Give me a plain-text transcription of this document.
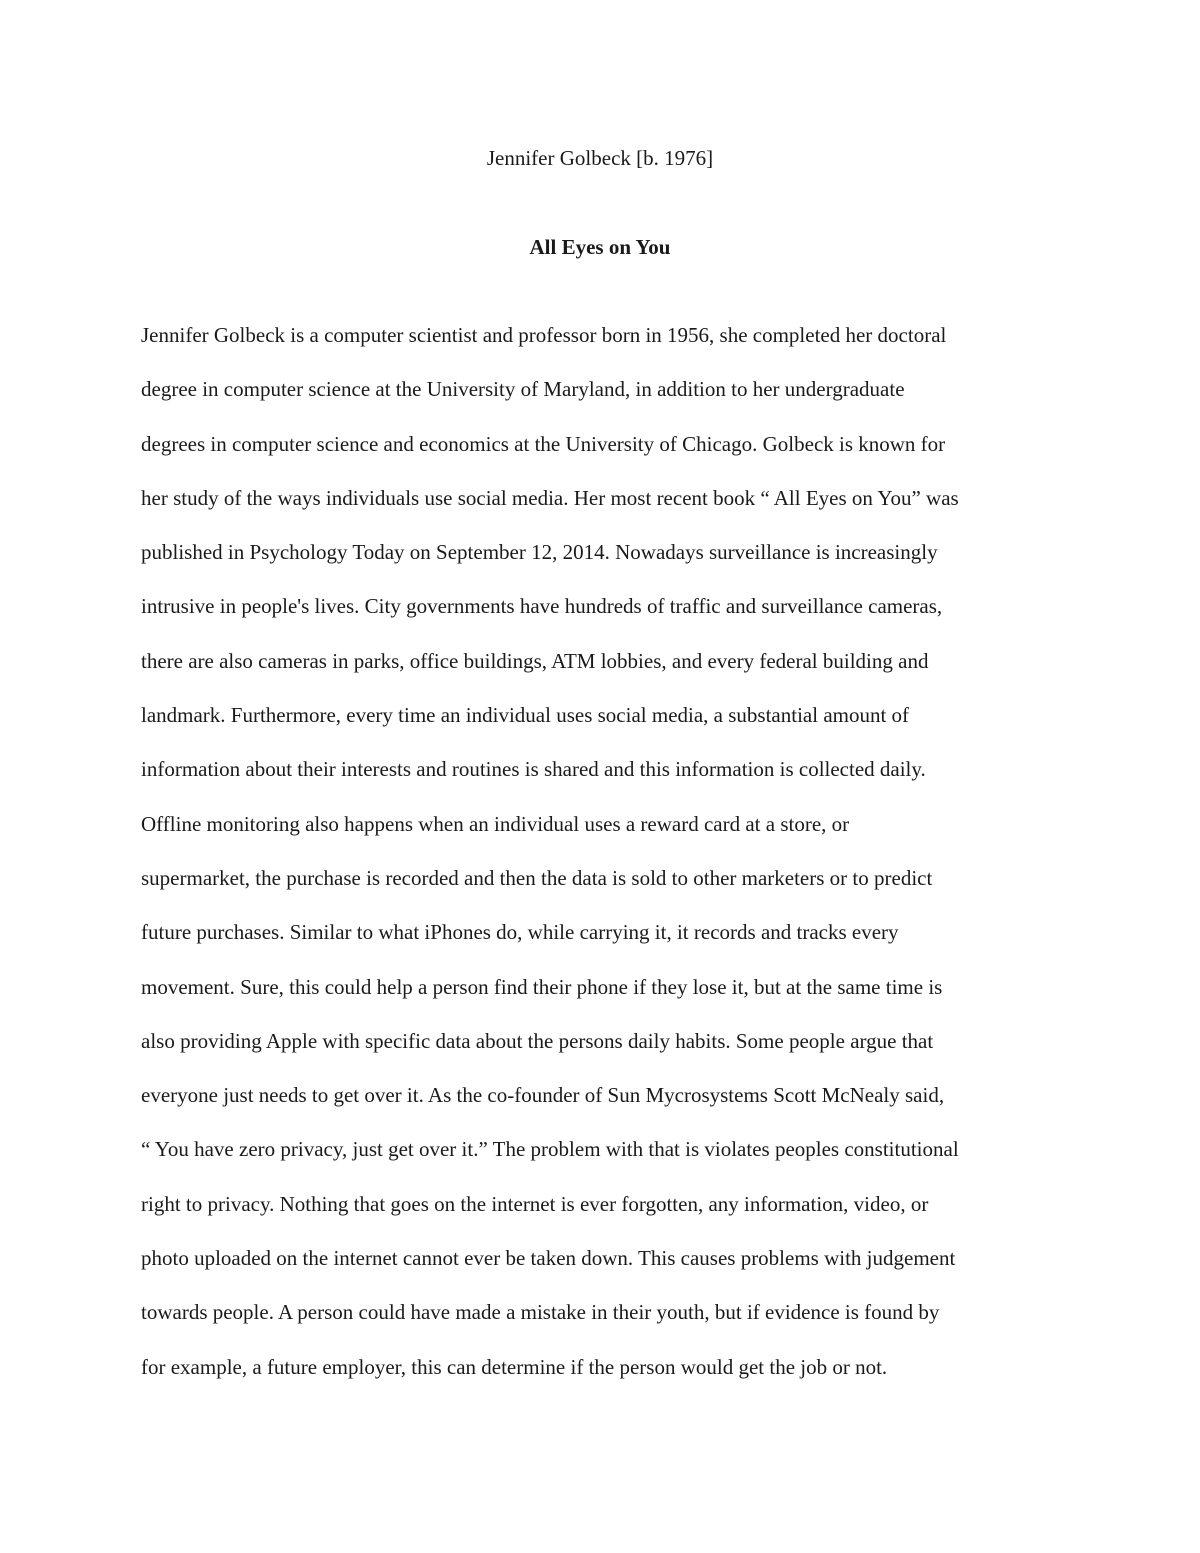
Jennifer Golbeck [b. 1976]

All Eyes on You
Jennifer Golbeck is a computer scientist and professor born in 1956, she completed her doctoral
degree in computer science at the University of Maryland, in addition to her undergraduate
degrees in computer science and economics at the University of Chicago. Golbeck is known for
her study of the ways individuals use social media. Her most recent book “ All Eyes on You” was
published in Psychology Today on September 12, 2014. Nowadays surveillance is increasingly
intrusive in people's lives. City governments have hundreds of traffic and surveillance cameras,
there are also cameras in parks, office buildings, ATM lobbies, and every federal building and
landmark. Furthermore, every time an individual uses social media, a substantial amount of
information about their interests and routines is shared and this information is collected daily.
Offline monitoring also happens when an individual uses a reward card at a store, or
supermarket, the purchase is recorded and then the data is sold to other marketers or to predict
future purchases. Similar to what iPhones do, while carrying it, it records and tracks every
movement. Sure, this could help a person find their phone if they lose it, but at the same time is
also providing Apple with specific data about the persons daily habits. Some people argue that
everyone just needs to get over it. As the co-founder of Sun Mycrosystems Scott McNealy said,
“ You have zero privacy, just get over it.” The problem with that is violates peoples constitutional
right to privacy. Nothing that goes on the internet is ever forgotten, any information, video, or
photo uploaded on the internet cannot ever be taken down. This causes problems with judgement
towards people. A person could have made a mistake in their youth, but if evidence is found by
for example, a future employer, this can determine if the person would get the job or not.
